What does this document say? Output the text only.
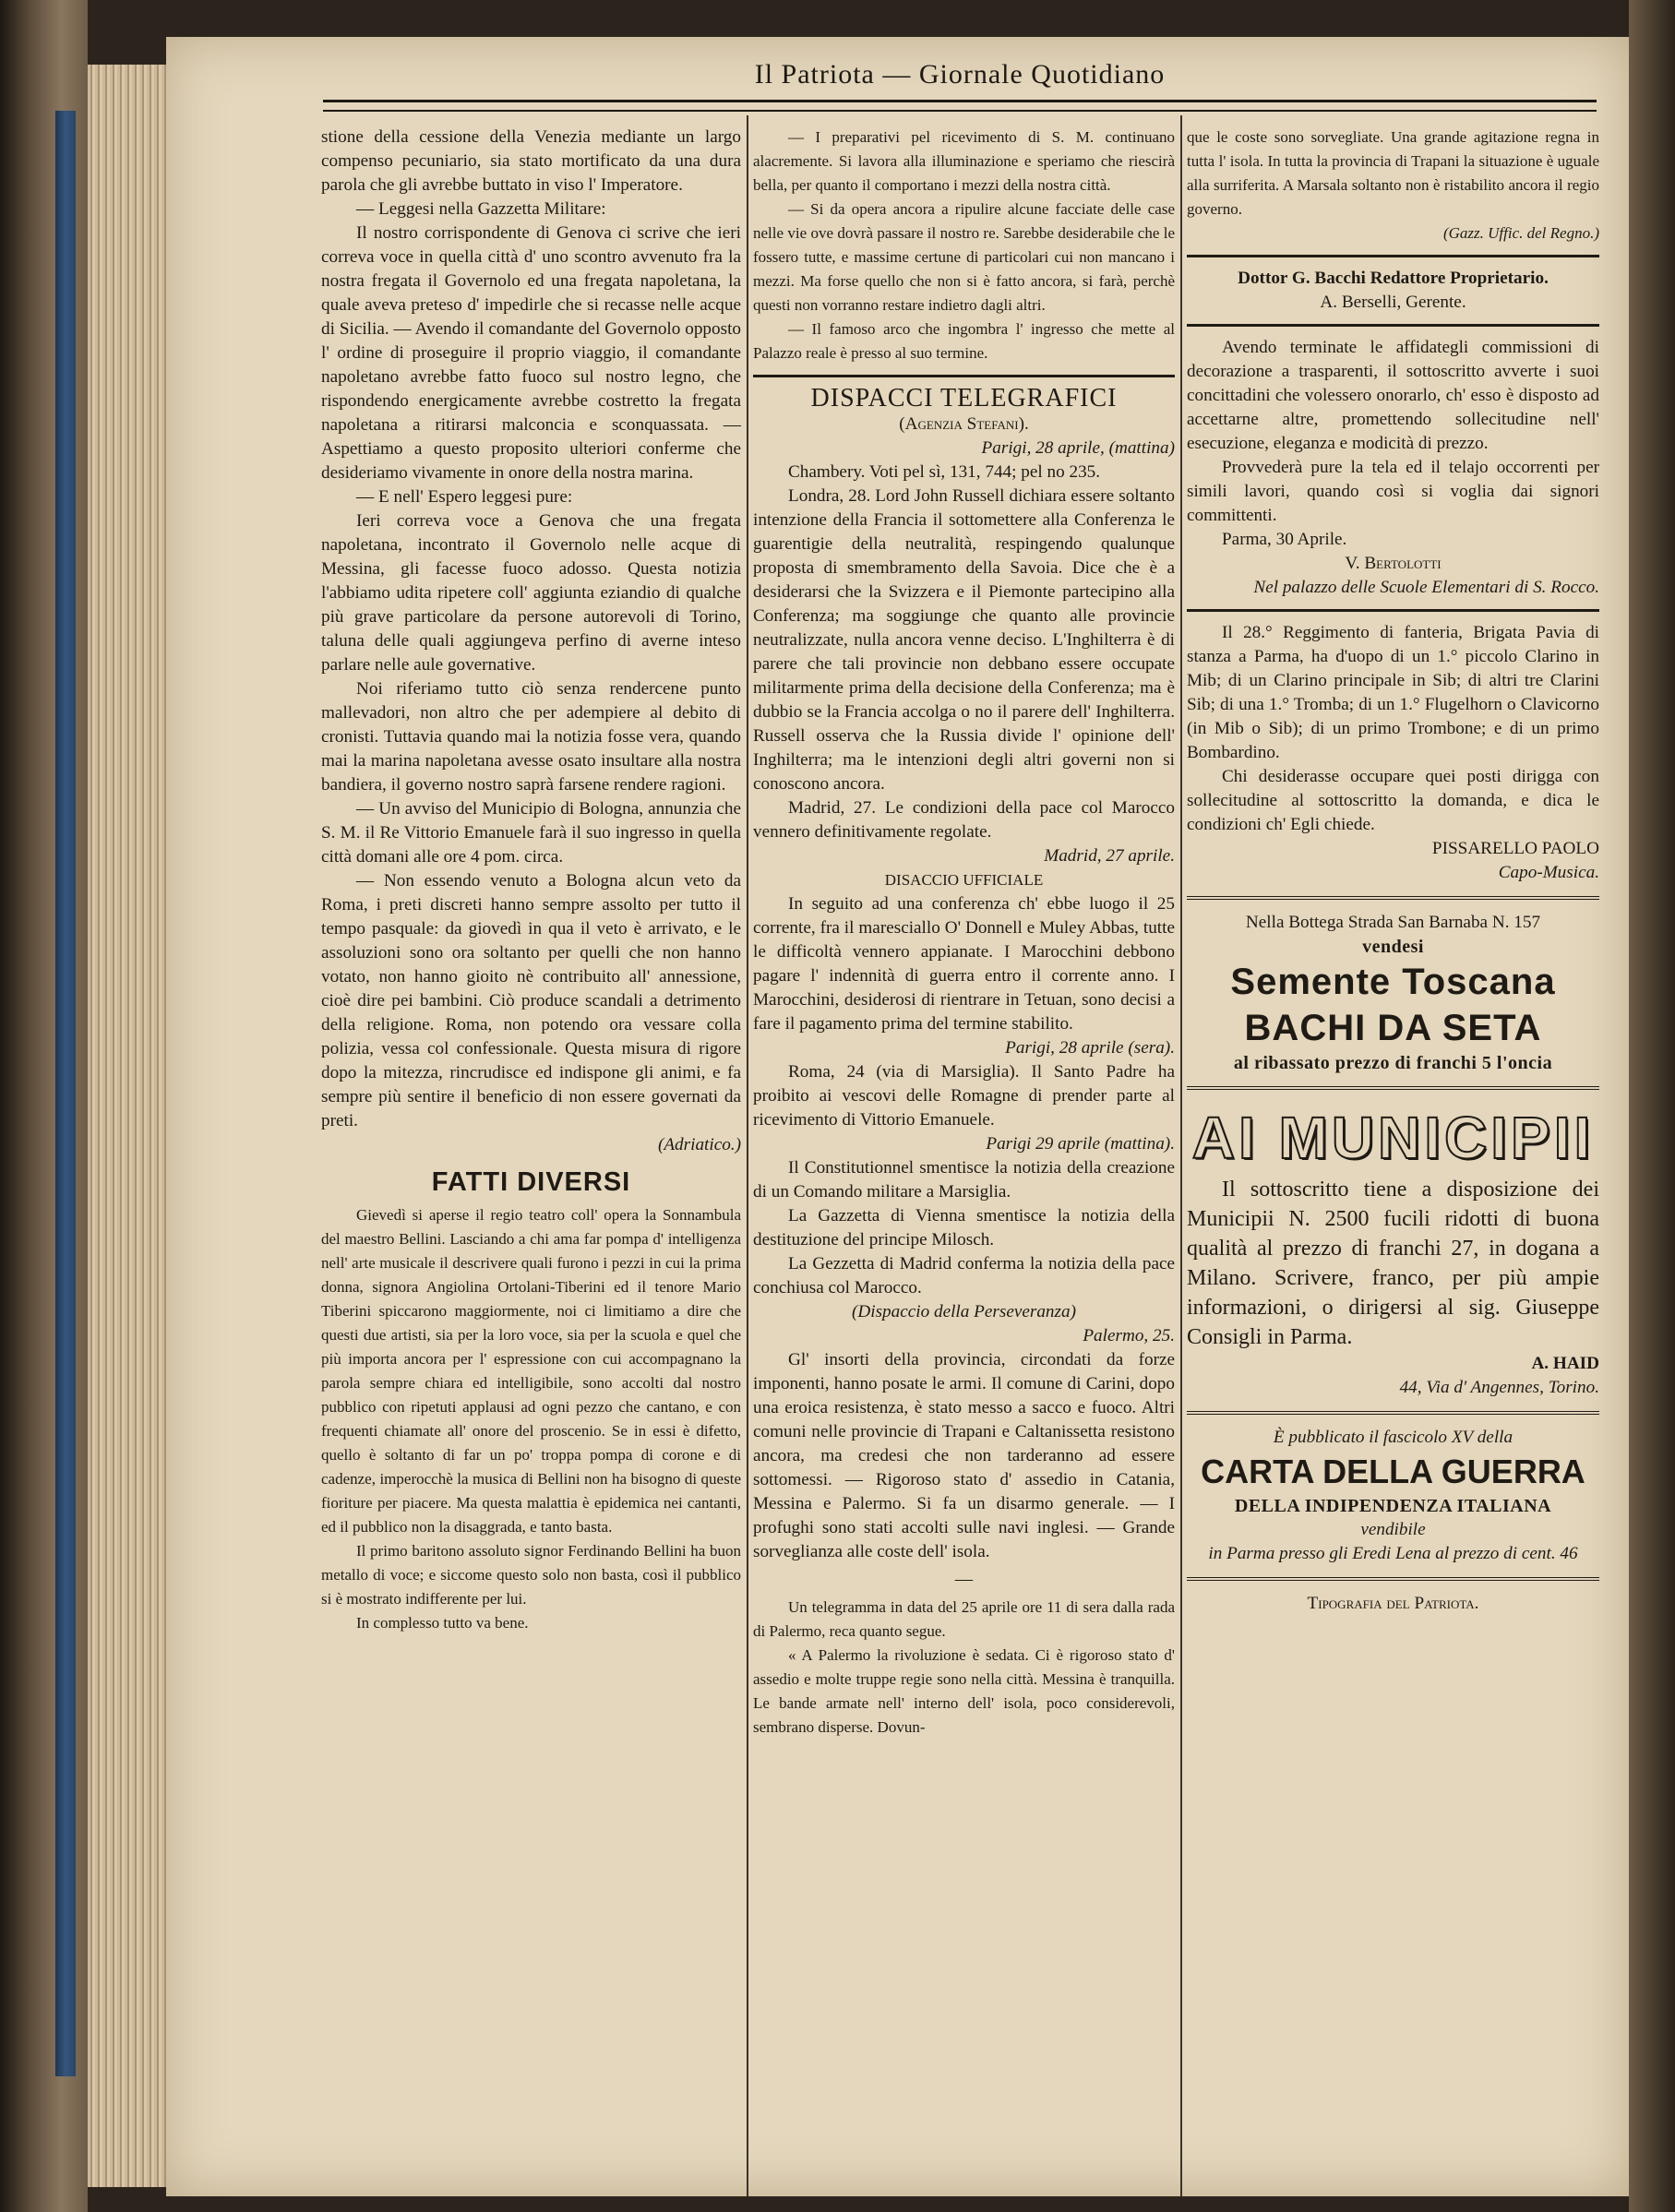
Il Patriota — Giornale Quotidiano

stione della cessione della Venezia mediante un largo compenso pecuniario, sia stato mortificato da una dura parola che gli avrebbe buttato in viso l' Imperatore.

— Leggesi nella Gazzetta Militare:

Il nostro corrispondente di Genova ci scrive che ieri correva voce in quella città d' uno scontro avvenuto fra la nostra fregata il Governolo ed una fregata napoletana, la quale aveva preteso d' impedirle che si recasse nelle acque di Sicilia. — Avendo il comandante del Governolo opposto l' ordine di proseguire il proprio viaggio, il comandante napoletano avrebbe fatto fuoco sul nostro legno, che rispondendo energicamente avrebbe costretto la fregata napoletana a ritirarsi malconcia e sconquassata. — Aspettiamo a questo proposito ulteriori conferme che desideriamo vivamente in onore della nostra marina.

— E nell' Espero leggesi pure:

Ieri correva voce a Genova che una fregata napoletana, incontrato il Governolo nelle acque di Messina, gli facesse fuoco adosso. Questa notizia l'abbiamo udita ripetere coll' aggiunta eziandio di qualche più grave particolare da persone autorevoli di Torino, taluna delle quali aggiungeva perfino di averne inteso parlare nelle aule governative.

Noi riferiamo tutto ciò senza rendercene punto mallevadori, non altro che per adempiere al debito di cronisti. Tuttavia quando mai la notizia fosse vera, quando mai la marina napoletana avesse osato insultare alla nostra bandiera, il governo nostro saprà farsene rendere ragioni.

— Un avviso del Municipio di Bologna, annunzia che S. M. il Re Vittorio Emanuele farà il suo ingresso in quella città domani alle ore 4 pom. circa.

— Non essendo venuto a Bologna alcun veto da Roma, i preti discreti hanno sempre assolto per tutto il tempo pasquale: da giovedì in qua il veto è arrivato, e le assoluzioni sono ora soltanto per quelli che non hanno votato, non hanno gioito nè contribuito all' annessione, cioè dire pei bambini. Ciò produce scandali a detrimento della religione. Roma, non potendo ora vessare colla polizia, vessa col confessionale. Questa misura di rigore dopo la mitezza, rincrudisce ed indispone gli animi, e fa sempre più sentire il beneficio di non essere governati da preti.

(Adriatico.)

FATTI DIVERSI

Gievedì si aperse il regio teatro coll' opera la Sonnambula del maestro Bellini. Lasciando a chi ama far pompa d' intelligenza nell' arte musicale il descrivere quali furono i pezzi in cui la prima donna, signora Angiolina Ortolani-Tiberini ed il tenore Mario Tiberini spiccarono maggiormente, noi ci limitiamo a dire che questi due artisti, sia per la loro voce, sia per la scuola e quel che più importa ancora per l' espressione con cui accompagnano la parola sempre chiara ed intelligibile, sono accolti dal nostro pubblico con ripetuti applausi ad ogni pezzo che cantano, e con frequenti chiamate all' onore del proscenio. Se in essi è difetto, quello è soltanto di far un po' troppa pompa di corone e di cadenze, imperocchè la musica di Bellini non ha bisogno di queste fioriture per piacere. Ma questa malattia è epidemica nei cantanti, ed il pubblico non la disaggrada, e tanto basta.

Il primo baritono assoluto signor Ferdinando Bellini ha buon metallo di voce; e siccome questo solo non basta, così il pubblico si è mostrato indifferente per lui.

In complesso tutto va bene.

— I preparativi pel ricevimento di S. M. continuano alacremente. Si lavora alla illuminazione e speriamo che riescirà bella, per quanto il comportano i mezzi della nostra città.

— Si da opera ancora a ripulire alcune facciate delle case nelle vie ove dovrà passare il nostro re. Sarebbe desiderabile che le fossero tutte, e massime certune di particolari cui non mancano i mezzi. Ma forse quello che non si è fatto ancora, si farà, perchè questi non vorranno restare indietro dagli altri.

— Il famoso arco che ingombra l' ingresso che mette al Palazzo reale è presso al suo termine.

DISPACCI TELEGRAFICI

(Agenzia Stefani).

Parigi, 28 aprile, (mattina)

Chambery. Voti pel sì, 131, 744; pel no 235.

Londra, 28. Lord John Russell dichiara essere soltanto intenzione della Francia il sottomettere alla Conferenza le guarentigie della neutralità, respingendo qualunque proposta di smembramento della Savoia. Dice che è a desiderarsi che la Svizzera e il Piemonte partecipino alla Conferenza; ma soggiunge che quanto alle provincie neutralizzate, nulla ancora venne deciso. L'Inghilterra è di parere che tali provincie non debbano essere occupate militarmente prima della decisione della Conferenza; ma è dubbio se la Francia accolga o no il parere dell' Inghilterra. Russell osserva che la Russia divide l' opinione dell' Inghilterra; ma le intenzioni degli altri governi non si conoscono ancora.

Madrid, 27. Le condizioni della pace col Marocco vennero definitivamente regolate.

Madrid, 27 aprile.

DISACCIO UFFICIALE

In seguito ad una conferenza ch' ebbe luogo il 25 corrente, fra il maresciallo O' Donnell e Muley Abbas, tutte le difficoltà vennero appianate. I Marocchini debbono pagare l' indennità di guerra entro il corrente anno. I Marocchini, desiderosi di rientrare in Tetuan, sono decisi a fare il pagamento prima del termine stabilito.

Parigi, 28 aprile (sera).

Roma, 24 (via di Marsiglia). Il Santo Padre ha proibito ai vescovi delle Romagne di prender parte al ricevimento di Vittorio Emanuele.

Parigi 29 aprile (mattina).

Il Constitutionnel smentisce la notizia della creazione di un Comando militare a Marsiglia.

La Gazzetta di Vienna smentisce la notizia della destituzione del principe Milosch.

La Gezzetta di Madrid conferma la notizia della pace conchiusa col Marocco.

(Dispaccio della Perseveranza)

Palermo, 25.

Gl' insorti della provincia, circondati da forze imponenti, hanno posate le armi. Il comune di Carini, dopo una eroica resistenza, è stato messo a sacco e fuoco. Altri comuni nelle provincie di Trapani e Caltanissetta resistono ancora, ma credesi che non tarderanno ad essere sottomessi. — Rigoroso stato d' assedio in Catania, Messina e Palermo. Si fa un disarmo generale. — I profughi sono stati accolti sulle navi inglesi. — Grande sorveglianza alle coste dell' isola.

—

Un telegramma in data del 25 aprile ore 11 di sera dalla rada di Palermo, reca quanto segue.

« A Palermo la rivoluzione è sedata. Ci è rigoroso stato d' assedio e molte truppe regie sono nella città. Messina è tranquilla. Le bande armate nell' interno dell' isola, poco considerevoli, sembrano disperse. Dovun-

que le coste sono sorvegliate. Una grande agitazione regna in tutta l' isola. In tutta la provincia di Trapani la situazione è uguale alla surriferita. A Marsala soltanto non è ristabilito ancora il regio governo.

(Gazz. Uffic. del Regno.)

Dottor G. Bacchi Redattore Proprietario.

A. Berselli, Gerente.

Avendo terminate le affidategli commissioni di decorazione a trasparenti, il sottoscritto avverte i suoi concittadini che volessero onorarlo, ch' esso è disposto ad accettarne altre, promettendo sollecitudine nell' esecuzione, eleganza e modicità di prezzo.

Provvederà pure la tela ed il telajo occorrenti per simili lavori, quando così si voglia dai signori committenti.

Parma, 30 Aprile.

V. Bertolotti

Nel palazzo delle Scuole Elementari di S. Rocco.

Il 28.° Reggimento di fanteria, Brigata Pavia di stanza a Parma, ha d'uopo di un 1.° piccolo Clarino in Mib; di un Clarino principale in Sib; di altri tre Clarini Sib; di una 1.° Tromba; di un 1.° Flugelhorn o Clavicorno (in Mib o Sib); di un primo Trombone; e di un primo Bombardino.

Chi desiderasse occupare quei posti dirigga con sollecitudine al sottoscritto la domanda, e dica le condizioni ch' Egli chiede.

PISSARELLO PAOLO

Capo-Musica.

Nella Bottega Strada San Barnaba N. 157

vendesi
Semente Toscana
BACHI DA SETA
al ribassato prezzo di franchi 5 l'oncia
AI MUNICIPII

Il sottoscritto tiene a disposizione dei Municipii N. 2500 fucili ridotti di buona qualità al prezzo di franchi 27, in dogana a Milano. Scrivere, franco, per più ampie informazioni, o dirigersi al sig. Giuseppe Consigli in Parma.

A. HAID

44, Via d' Angennes, Torino.

È pubblicato il fascicolo XV della

CARTA DELLA GUERRA
DELLA INDIPENDENZA ITALIANA

vendibile

in Parma presso gli Eredi Lena al prezzo di cent. 46

Tipografia del Patriota.
